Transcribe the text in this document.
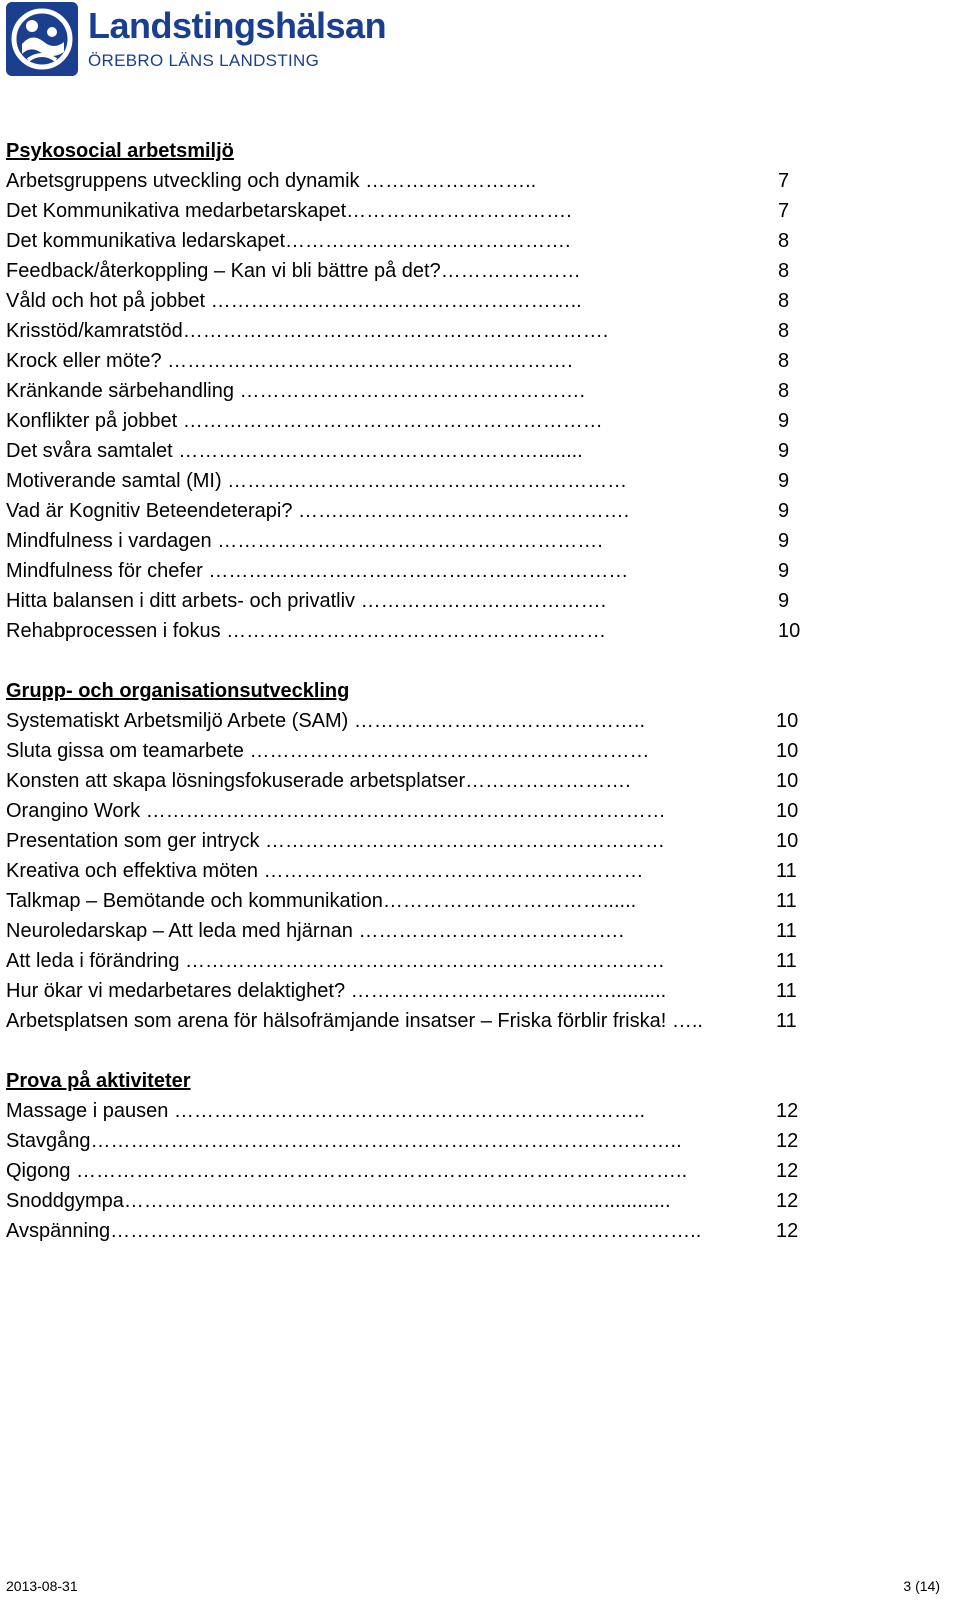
Landstingshälsan
ÖREBRO LÄNS LANDSTING
Psykosocial arbetsmiljö
Arbetsgruppens utveckling och dynamik ……………………..	7
Det Kommunikativa medarbetarskapet…………………………….	7
Det kommunikativa ledarskapet…………………………………….	8
Feedback/återkoppling – Kan vi bli bättre på det?…………………	8
Våld och hot på jobbet ………………………………………………..	8
Krisstöd/kamratstöd……………………………………………………….	8
Krock eller möte? …………………………………………………….	8
Kränkande särbehandling …………………………………………….	8
Konflikter på jobbet ………………………………………………………	9
Det svåra samtalet ………………………………………………........	9
Motiverande samtal (MI) ……………………………………………………	9
Vad är Kognitiv Beteendeterapi? …….…………………………………….	9
Mindfulness i vardagen ………………………………………………….	9
Mindfulness för chefer ………………………………………………………	9
Hitta balansen i ditt arbets- och privatliv ……………………………….	9
Rehabprocessen i fokus …………………………………………………	10
Grupp- och organisationsutveckling
Systematiskt Arbetsmiljö Arbete (SAM) ……………………………………..	10
Sluta gissa om teamarbete ……………………………………………………	10
Konsten att skapa lösningsfokuserade arbetsplatser…………………….	10
Orangino Work ……………………………………………………………………	10
Presentation som ger intryck ……………………………………………………	10
Kreativa och effektiva möten …………………………………………………	11
Talkmap – Bemötande och kommunikation……………………………......	11
Neuroledarskap – Att leda med hjärnan ………………………………….	11
Att leda i förändring ………………………………………………………………	11
Hur ökar vi medarbetares delaktighet? …………………………………..........	11
Arbetsplatsen som arena för hälsofrämjande insatser – Friska förblir friska! …..	11
Prova på aktiviteter
Massage i pausen ……………………………………………………………..	12
Stavgång……………………………………………………………………………..	12
Qigong ………………………………………………………………………………..	12
Snoddgympa………………………………………………………………............	12
Avspänning……………………………………………………………………………..	12
2013-08-31	3 (14)
